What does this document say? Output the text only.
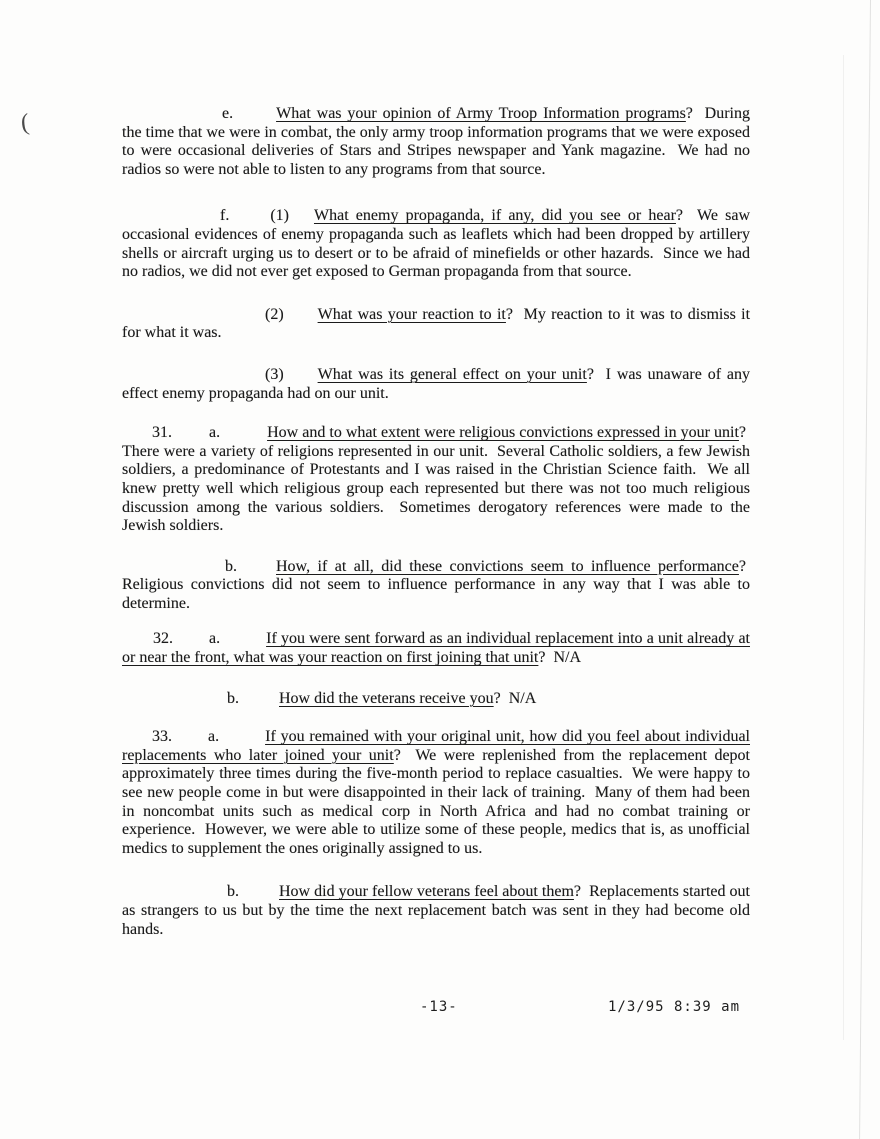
(	e.	What was your opinion of Army Troop Information programs?  During the time that we were in combat, the only army troop information programs that we were exposed to were occasional deliveries of Stars and Stripes newspaper and Yank magazine.  We had no radios so were not able to listen to any programs from that source.

f.	(1) What enemy propaganda, if any, did you see or hear?  We saw occasional evidences of enemy propaganda such as leaflets which had been dropped by artillery shells or aircraft urging us to desert or to be afraid of minefields or other hazards.  Since we had no radios, we did not ever get exposed to German propaganda from that source.

(2) What was your reaction to it?  My reaction to it was to dismiss it for what it was.

(3) What was its general effect on your unit?  I was unaware of any effect enemy propaganda had on our unit.

31. a.	How and to what extent were religious convictions expressed in your unit?  There were a variety of religions represented in our unit.  Several Catholic soldiers, a few Jewish soldiers, a predominance of Protestants and I was raised in the Christian Science faith.  We all knew pretty well which religious group each represented but there was not too much religious discussion among the various soldiers.  Sometimes derogatory references were made to the Jewish soldiers.

b. How, if at all, did these convictions seem to influence performance?  Religious convictions did not seem to influence performance in any way that I was able to determine.

32. a.	If you were sent forward as an individual replacement into a unit already at or near the front, what was your reaction on first joining that unit?  N/A

b.	How did the veterans receive you?  N/A

33. a.	If you remained with your original unit, how did you feel about individual replacements who later joined your unit?  We were replenished from the replacement depot approximately three times during the five-month period to replace casualties.  We were happy to see new people come in but were disappointed in their lack of training.  Many of them had been in noncombat units such as medical corp in North Africa and had no combat training or experience.  However, we were able to utilize some of these people, medics that is, as unofficial medics to supplement the ones originally assigned to us.

b.	How did your fellow veterans feel about them?  Replacements started out as strangers to us but by the time the next replacement batch was sent in they had become old hands.

-13-	1/3/95 8:39 am
